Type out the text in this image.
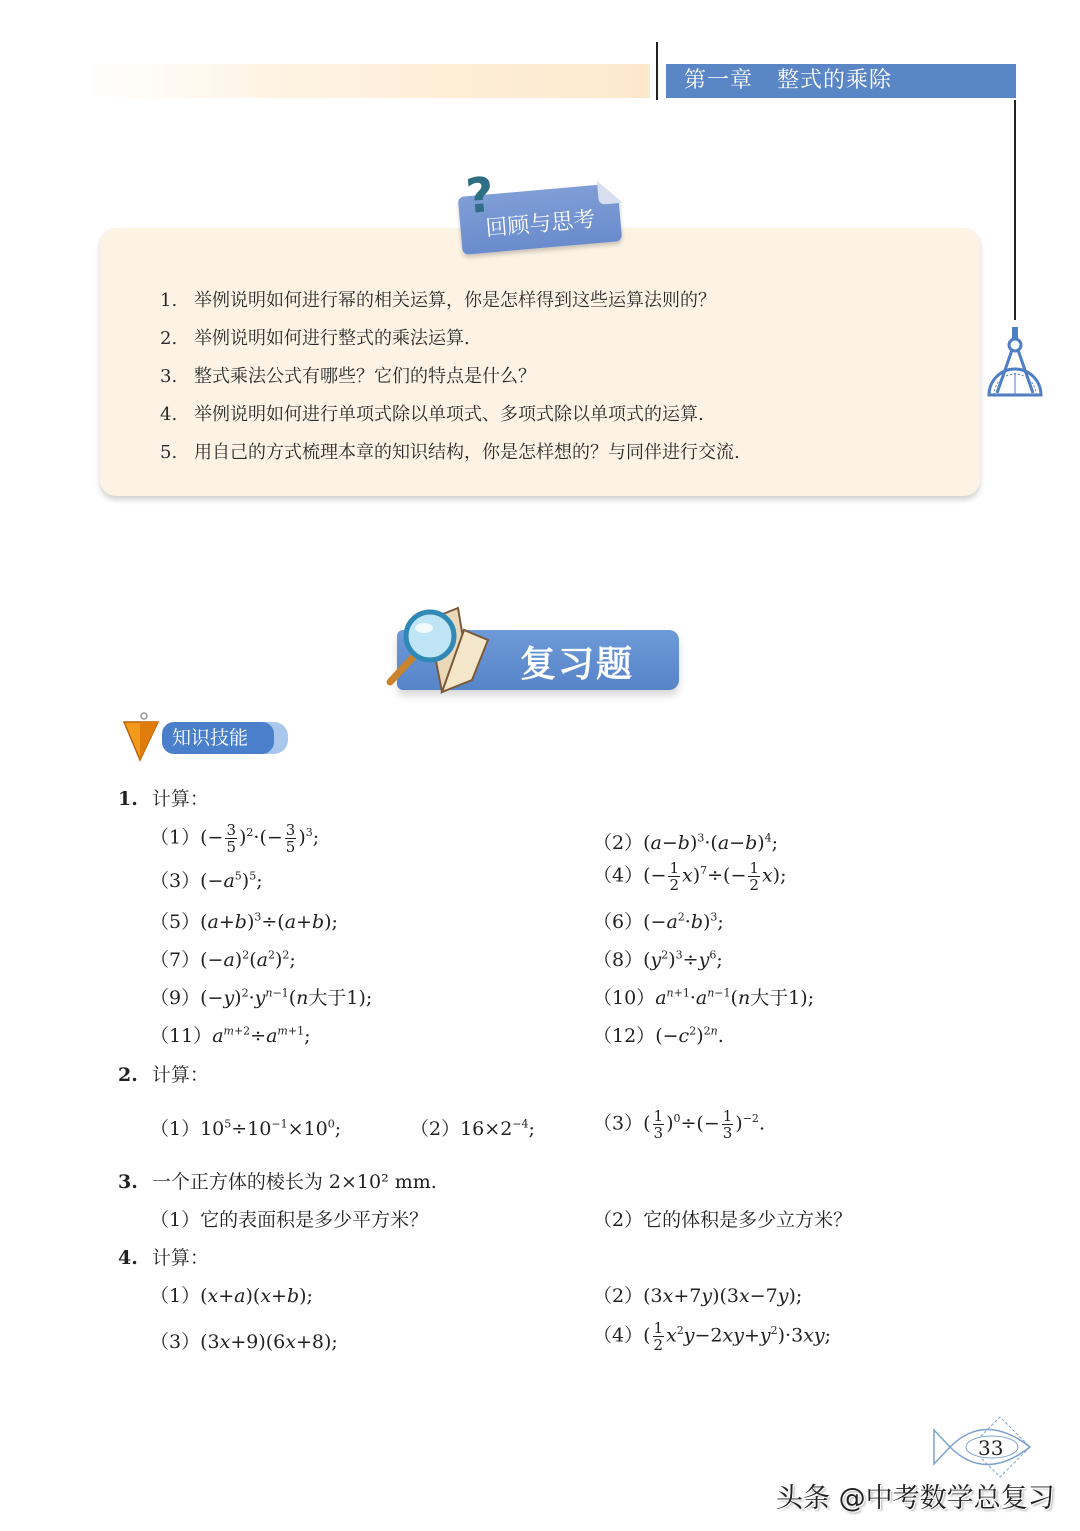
第一章 整式的乘除
回顾与思考
?
1. 举例说明如何进行幂的相关运算，你是怎样得到这些运算法则的？
2. 举例说明如何进行整式的乘法运算.
3. 整式乘法公式有哪些？它们的特点是什么？
4. 举例说明如何进行单项式除以单项式、多项式除以单项式的运算.
5. 用自己的方式梳理本章的知识结构，你是怎样想的？与同伴进行交流.
复习题
知识技能
1. 计算：
$(1)(- \frac{3}{5} )^2\cdot(- \frac{3}{5} )^3$;	$(2)(a-b)^3\cdot(a-b)^4$;
$(3)(-a^5)^5$;	$(4)(- \frac{1}{2} x)^7\div(- \frac{1}{2} x)$;
$(5)(a+b)^3\div(a+b)$;	$(6)(-a^2\cdot b)^3$;
$(7)(-a)^2(a^2)^2$;	$(8)(y^2)^3\div y^6$;
$(9)(-y)^2\cdot y^{n-1}(n$大于1);	$(10)a^{n+1}\cdot a^{n-1}(n$大于1);
$(11)a^{m+2}\div a^{m+1}$;	$(12)(-c^2)^{2n}$.
2. 计算：
$(1)10^5\div 10^{-1}\times 10^0$;	$(2)16\times 2^{-4}$;	$(3)( \frac{1}{3} )^0\div(- \frac{1}{3} )^{-2}$.
3. 一个正方体的棱长为 2×10² mm.
（1）它的表面积是多少平方米？	（2）它的体积是多少立方米？
4. 计算：
（1）(x+a)(x+b);	（2）(3x+7y)(3x−7y);
（3）(3x+9)(6x+8);	$(4)( \frac{1}{2} x^2y-2xy+y^2)\cdot 3xy$;
33
头条 @中考数学总复习
